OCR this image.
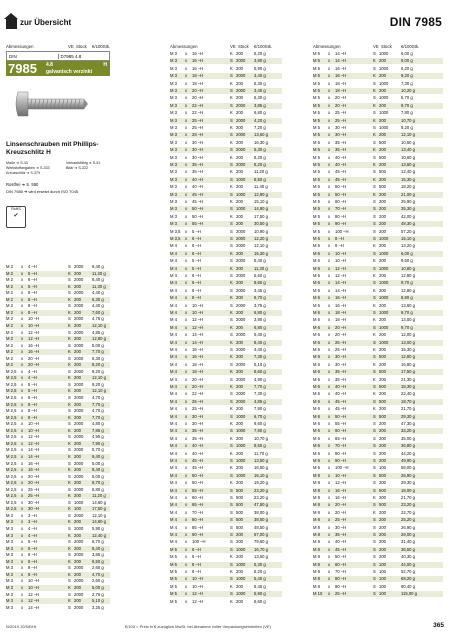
zur Übersicht	DIN 7985
Abmessungen	VE Stück €/100Stk.	Abmessungen	VE Stück €/100Stk.	Abmessungen	VE Stück €/100Stk.
DIN	D7985 4.8
7985 4.8
galvanisch verzinkt
H
Linsenschrauben mit Phillips-Kreuzschlitz H
Maße ➔ S-43
Werkstoffangaben ➔ S-333
Kreuzschlitz ➔ S-379
Verkaufsfähig ➔ S-51
Bitär ➔ S-322
Rostfrei ➔ S. 590
DIN 7985 ➔ wird ersetzt durch ISO 7045
RoHS
✔
M 2 x 4 –H	S 2000 8,40 g
M 2 x 5 –H	K 200	11,30 g
M 2 x 6 –H	S 2000 8,40 g
M 2 x 5 –H	K 200	11,30 g
M 2 x 6 –H	S 2000 4,40 g
M 2 x 6 –H	K 200	6,30 g
M 2 x 8 –H	S 2000 4,40 g
M 2 x 8 –H	K 200	7,60 g
M 2 x 10 –H	S 2000 4,75 g
M 2 x 10 –H	K 200	12,10 g
M 2 x 12 –H	S 2000 4,85 g
M 2 x 12 –H	K 200	12,80 g
M 2 x 16 –H	S 2000 5,00 g
M 2 x 16 –H	K 200	7,70 g
M 2 x 20 –H	S 2000 5,30 g
M 2 x 20 –H	K 200	8,20 g
M 2,5 x 4 –H	S 2000 9,20 g
M 2,5 x 4 –H	K 200	12,10 g
M 2,5 x 5 –H	S 2000 9,20 g
M 2,5 x 5 –H	K 200	12,10 g
M 2,5 x 6 –H	S 2000 4,70 g
M 2,5 x 6 –H	K 200	7,70 g
M 2,5 x 8 –H	S 2000 4,70 g
M 2,5 x 8 –H	K 200	7,70 g
M 2,5 x 10 –H	S 2000 4,80 g
M 2,5 x 10 –H	K 200	7,85 g
M 2,5 x 12 –H	S 2000 4,95 g
M 2,5 x 12 –H	K 200	7,90 g
M 2,5 x 14 –H	S 2000 5,70 g
M 2,5 x 14 –H	K 200	9,40 g
M 2,5 x 16 –H	S 2000 5,00 g
M 2,5 x 16 –H	K 200	8,40 g
M 2,5 x 20 –H	S 2000 5,00 g
M 2,5 x 20 –H	K 200	8,70 g
M 2,5 x 25 –H	S 2000 6,80 g
M 2,5 x 25 –H	K 200	11,20 g
M 2,5 x 30 –H	S 1000 14,60 g
M 2,5 x 30 –H	K 100	17,50 g
M 3 x 3 –H	S 2000 12,10 g
M 3 x 3 –H	K 200	14,60 g
M 3 x 4 –H	S 2000 5,90 g
M 3 x 4 –H	K 200	12,40 g
M 3 x 5 –H	S 2000 6,70 g
M 3 x 5 –H	K 200	8,40 g
M 3 x 6 –H	S 2000 3,85 g
M 3 x 6 –H	K 200	6,50 g
M 3 x 8 –H	S 2000 2,60 g
M 3 x 8 –H	K 200	4,70 g
M 3 x 10 –H	S 2000 2,60 g
M 3 x 10 –H	K 200	5,00 g
M 3 x 12 –H	S 2000 2,75 g
M 3 x 12 –H	K 200	5,10 g
M 3 x 14 –H	S 2000 3,25 g
M 3 x 16 –H	K 200	6,20 g
M 3 x 16 –H	S 2000 3,80 g
M 3 x 16 –H	K 200	5,90 g
M 3 x 18 –H	S 2000 3,40 g
M 3 x 18 –H	K 200	6,30 g
M 3 x 20 –H	S 2000 3,40 g
M 3 x 20 –H	K 200	6,30 g
M 3 x 22 –H	S 2000 3,85 g
M 3 x 22 –H	K 200	6,80 g
M 3 x 25 –H	S 2000 4,20 g
M 3 x 25 –H	K 200	7,20 g
M 3 x 28 –H	S 2000 13,60 g
M 3 x 30 –H	K 200	16,30 g
M 3 x 30 –H	S 2000 5,30 g
M 3 x 30 –H	K 200	8,20 g
M 3 x 35 –H	S 2000 8,20 g
M 3 x 35 –H	K 200	11,20 g
M 3 x 40 –H	S 1000 8,50 g
M 3 x 40 –H	K 200	11,40 g
M 3 x 45 –H	S 1000 12,90 g
M 3 x 45 –H	K 200	15,10 g
M 3 x 50 –H	S 1000 14,90 g
M 3 x 50 –H	K 200	17,50 g
M 3 x 55 –H	S 200	30,50 g
M 3,5 x 5 –H	S 2000 10,90 g
M 3,5 x 6 –H	S 2000 12,20 g
M 4 x 6 –H	S 2000 12,10 g
M 4 x 6 –H	K 200	15,30 g
M 4 x 5 –H	S 2000 8,40 g
M 4 x 5 –H	K 200	11,30 g
M 4 x 6 –H	S 2000 5,60 g
M 4 x 6 –H	K 200	8,60 g
M 4 x 8 –H	S 2000 3,45 g
M 4 x 8 –H	K 200	6,70 g
M 4 x 10 –H	S 2000 3,75 g
M 4 x 10 –H	K 200	6,80 g
M 4 x 12 –H	S 2000 3,90 g
M 4 x 12 –H	K 200	6,80 g
M 4 x 14 –H	S 2000 5,40 g
M 4 x 14 –H	K 200	8,40 g
M 4 x 16 –H	S 2000 4,40 g
M 4 x 16 –H	K 200	7,30 g
M 4 x 18 –H	S 2000 5,10 g
M 4 x 18 –H	K 200	8,60 g
M 4 x 20 –H	S 2000 4,90 g
M 4 x 20 –H	K 200	7,70 g
M 4 x 22 –H	S 2000 7,30 g
M 4 x 25 –H	S 2000 4,85 g
M 4 x 25 –H	K 200	7,90 g
M 4 x 30 –H	S 1000 6,70 g
M 4 x 30 –H	K 200	9,60 g
M 4 x 35 –H	S 1000 7,90 g
M 4 x 35 –H	K 200	10,70 g
M 4 x 40 –H	S 1000 8,50 g
M 4 x 40 –H	K 200	11,70 g
M 4 x 45 –H	S 1000 13,50 g
M 4 x 45 –H	K 200	16,50 g
M 4 x 50 –H	S 1000 16,10 g
M 4 x 50 –H	K 200	19,20 g
M 4 x 55 –H	S 500	23,20 g
M 4 x 60 –H	S 500	23,20 g
M 4 x 65 –H	S 500	47,50 g
M 4 x 70 –H	S 500	38,00 g
M 4 x 80 –H	S 500	38,50 g
M 4 x 85 –H	S 500	48,50 g
M 4 x 90 –H	S 200	67,00 g
M 4 x 100 –H	S 200	79,60 g
M 5 x 6 –H	S 1000 16,70 g
M 5 x 6 –H	K 200	13,60 g
M 5 x 8 –H	S 1000 5,30 g
M 5 x 8 –H	K 200	8,20 g
M 5 x 10 –H	S 1000 5,40 g
M 5 x 10 –H	K 200	8,40 g
M 5 x 12 –H	S 1000 5,90 g
M 5 x 12 –H	K 200	8,60 g
M 5 x 14 –H	S 1000	6,00 g
M 5 x 14 –H	K 200	9,00 g
M 5 x 16 –H	S 1000	6,20 g
M 5 x 16 –H	K 200	9,20 g
M 5 x 18 –H	S 1000	7,30 g
M 5 x 18 –H	K 200	10,20 g
M 5 x 20 –H	S 1000	6,70 g
M 5 x 20 –H	K 200	9,70 g
M 5 x 25 –H	S 1000	7,80 g
M 5 x 25 –H	K 200	10,70 g
M 5 x 30 –H	S 1000	9,20 g
M 5 x 30 –H	K 200	12,10 g
M 5 x 35 –H	S 500	10,60 g
M 5 x 35 –H	K 200	13,40 g
M 5 x 40 –H	S 500	10,60 g
M 5 x 40 –H	K 200	13,60 g
M 5 x 45 –H	S 500	12,40 g
M 5 x 45 –H	K 200	15,30 g
M 5 x 50 –H	S 500	18,20 g
M 5 x 50 –H	K 200	21,00 g
M 5 x 60 –H	S 200	25,90 g
M 5 x 70 –H	S 200	35,30 g
M 5 x 80 –H	S 200	42,00 g
M 5 x 90 –H	S 200	48,30 g
M 5 x 100 –H	S 200	57,20 g
M 6 x 8 –H	S 1000	15,10 g
M 6 x 8 –H	K 200	13,20 g
M 6 x 10 –H	S 1000	6,00 g
M 6 x 10 –H	K 200	9,50 g
M 6 x 12 –H	S 1000	10,80 g
M 6 x 12 –H	K 200	12,80 g
M 6 x 14 –H	S 1000	9,70 g
M 6 x 14 –H	K 200	12,80 g
M 6 x 16 –H	S 1000	8,80 g
M 6 x 16 –H	K 200	13,60 g
M 6 x 18 –H	S 1000	9,70 g
M 6 x 18 –H	K 200	13,00 g
M 6 x 20 –H	S 1000	9,70 g
M 6 x 20 –H	K 200	12,00 g
M 6 x 25 –H	S 1000	13,00 g
M 6 x 25 –H	K 200	15,30 g
M 6 x 30 –H	S 500	12,80 g
M 6 x 30 –H	K 200	16,80 g
M 6 x 35 –H	S 500	17,50 g
M 6 x 35 –H	K 200	21,30 g
M 6 x 40 –H	S 500	18,30 g
M 6 x 40 –H	K 200	22,40 g
M 6 x 45 –H	S 500	18,70 g
M 6 x 45 –H	K 200	21,70 g
M 6 x 50 –H	S 500	29,30 g
M 6 x 55 –H	S 200	47,30 g
M 6 x 60 –H	S 200	33,20 g
M 6 x 65 –H	S 200	35,00 g
M 6 x 70 –H	S 200	36,80 g
M 6 x 80 –H	S 200	44,20 g
M 6 x 90 –H	S 200	49,90 g
M 6 x 100 –H	S 100	58,00 g
M 8 x 10 –H	S 500	25,90 g
M 8 x 12 –H	S 200	29,30 g
M 8 x 16 –H	S 500	18,00 g
M 8 x 16 –H	K 200	21,70 g
M 8 x 20 –H	S 500	23,20 g
M 8 x 20 –H	K 200	22,70 g
M 8 x 25 –H	S 200	25,20 g
M 8 x 30 –H	S 200	26,90 g
M 8 x 35 –H	S 200	28,00 g
M 8 x 40 –H	S 200	31,40 g
M 8 x 45 –H	S 200	36,50 g
M 8 x 50 –H	S 200	40,30 g
M 8 x 60 –H	S 100	44,00 g
M 8 x 70 –H	S 100	52,70 g
M 8 x 80 –H	S 100	68,20 g
M 8 x 90 –H	S 100	80,40 g
M 10 x 25 –H	S 100	115,00 g
N/2019.10/DE/Ht	€/100 = Preis in € zuzüglich MwSt. bei Abnahme voller Verpackungseinheiten (VE)	365
